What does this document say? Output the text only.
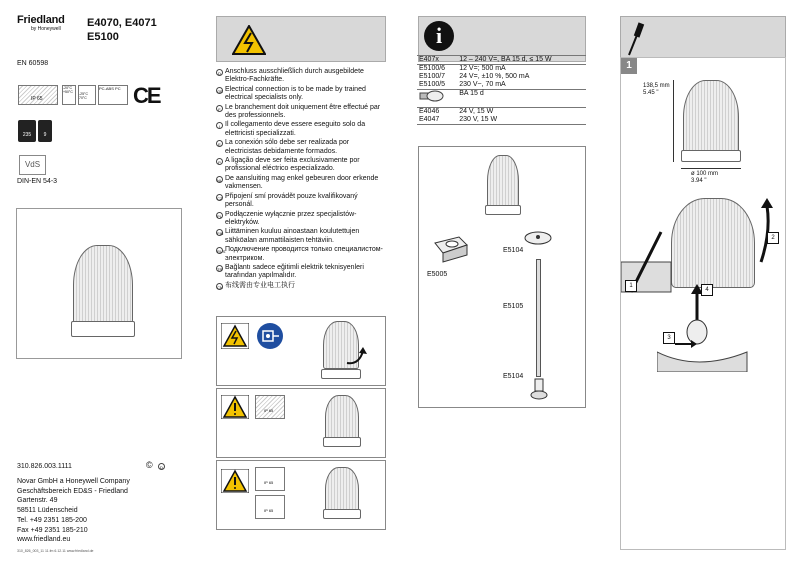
Friedland
by Honeywell	E4070, E4071
E5100
EN 60598
IP 65
-20°C
+50°C	-25°C
70°C
PC-ABS PC CE
235	9
VdS
DIN-EN 54-3
310.826.003.1111	©	D
Novar GmbH a Honeywell Company
Geschäftsbereich ED&S - Friedland
Gartenstr. 49
58511 Lüdenscheid
Tel. +49 2351 185-200
Fax +49 2351 185-210
www.friedland.eu
310_826_003_11 11.fm 6.12.11 www.friedland.de
D Anschluss ausschließlich durch ausgebildete Elektro-Fachkräfte.
GB Electrical connection is to be made by trained electrical specialists only.
F Le branchement doit uniquement être effectué par des professionnels.
I Il collegamento deve essere eseguito solo da elettricisti specializzati.
E La conexión sólo debe ser realizada por electricistas debidamente formados.
P A ligação deve ser feita exclusivamente por profissional eléctrico especializado.
NL De aansluiting mag enkel gebeuren door erkende vakmensen.
CZ Připojení smí provádět pouze kvalifikovaný personál.
PL Podłączenie wyłącznie przez specjalistów-elektryków.
FIN Liittäminen kuuluu ainoastaan koulutettujen sähköalan ammattilaisten tehtäviin.
RUS Подключение проводится только специалистом-электриком.
TR Bağlantı sadece eğitimli elektrik teknisyenleri tarafından yapılmalıdır.
CN 布线需由专业电工执行
IP 65
IP 65
IP 65
i
E407x	12 – 240 V=, BA 15 d, ≤ 15 W
E5100/6	12 V=; 500 mA
E5100/7	24 V=, ±10 %, 500 mA
E5100/5	230 V~, 70 mA
	BA 15 d
E4046	24 V, 15 W
E4047	230 V, 15 W
E5005
E5104
E5105
E5104
1
138,5 mm
5.45 "
ø 100 mm
3.94 "
2
1
4
3
